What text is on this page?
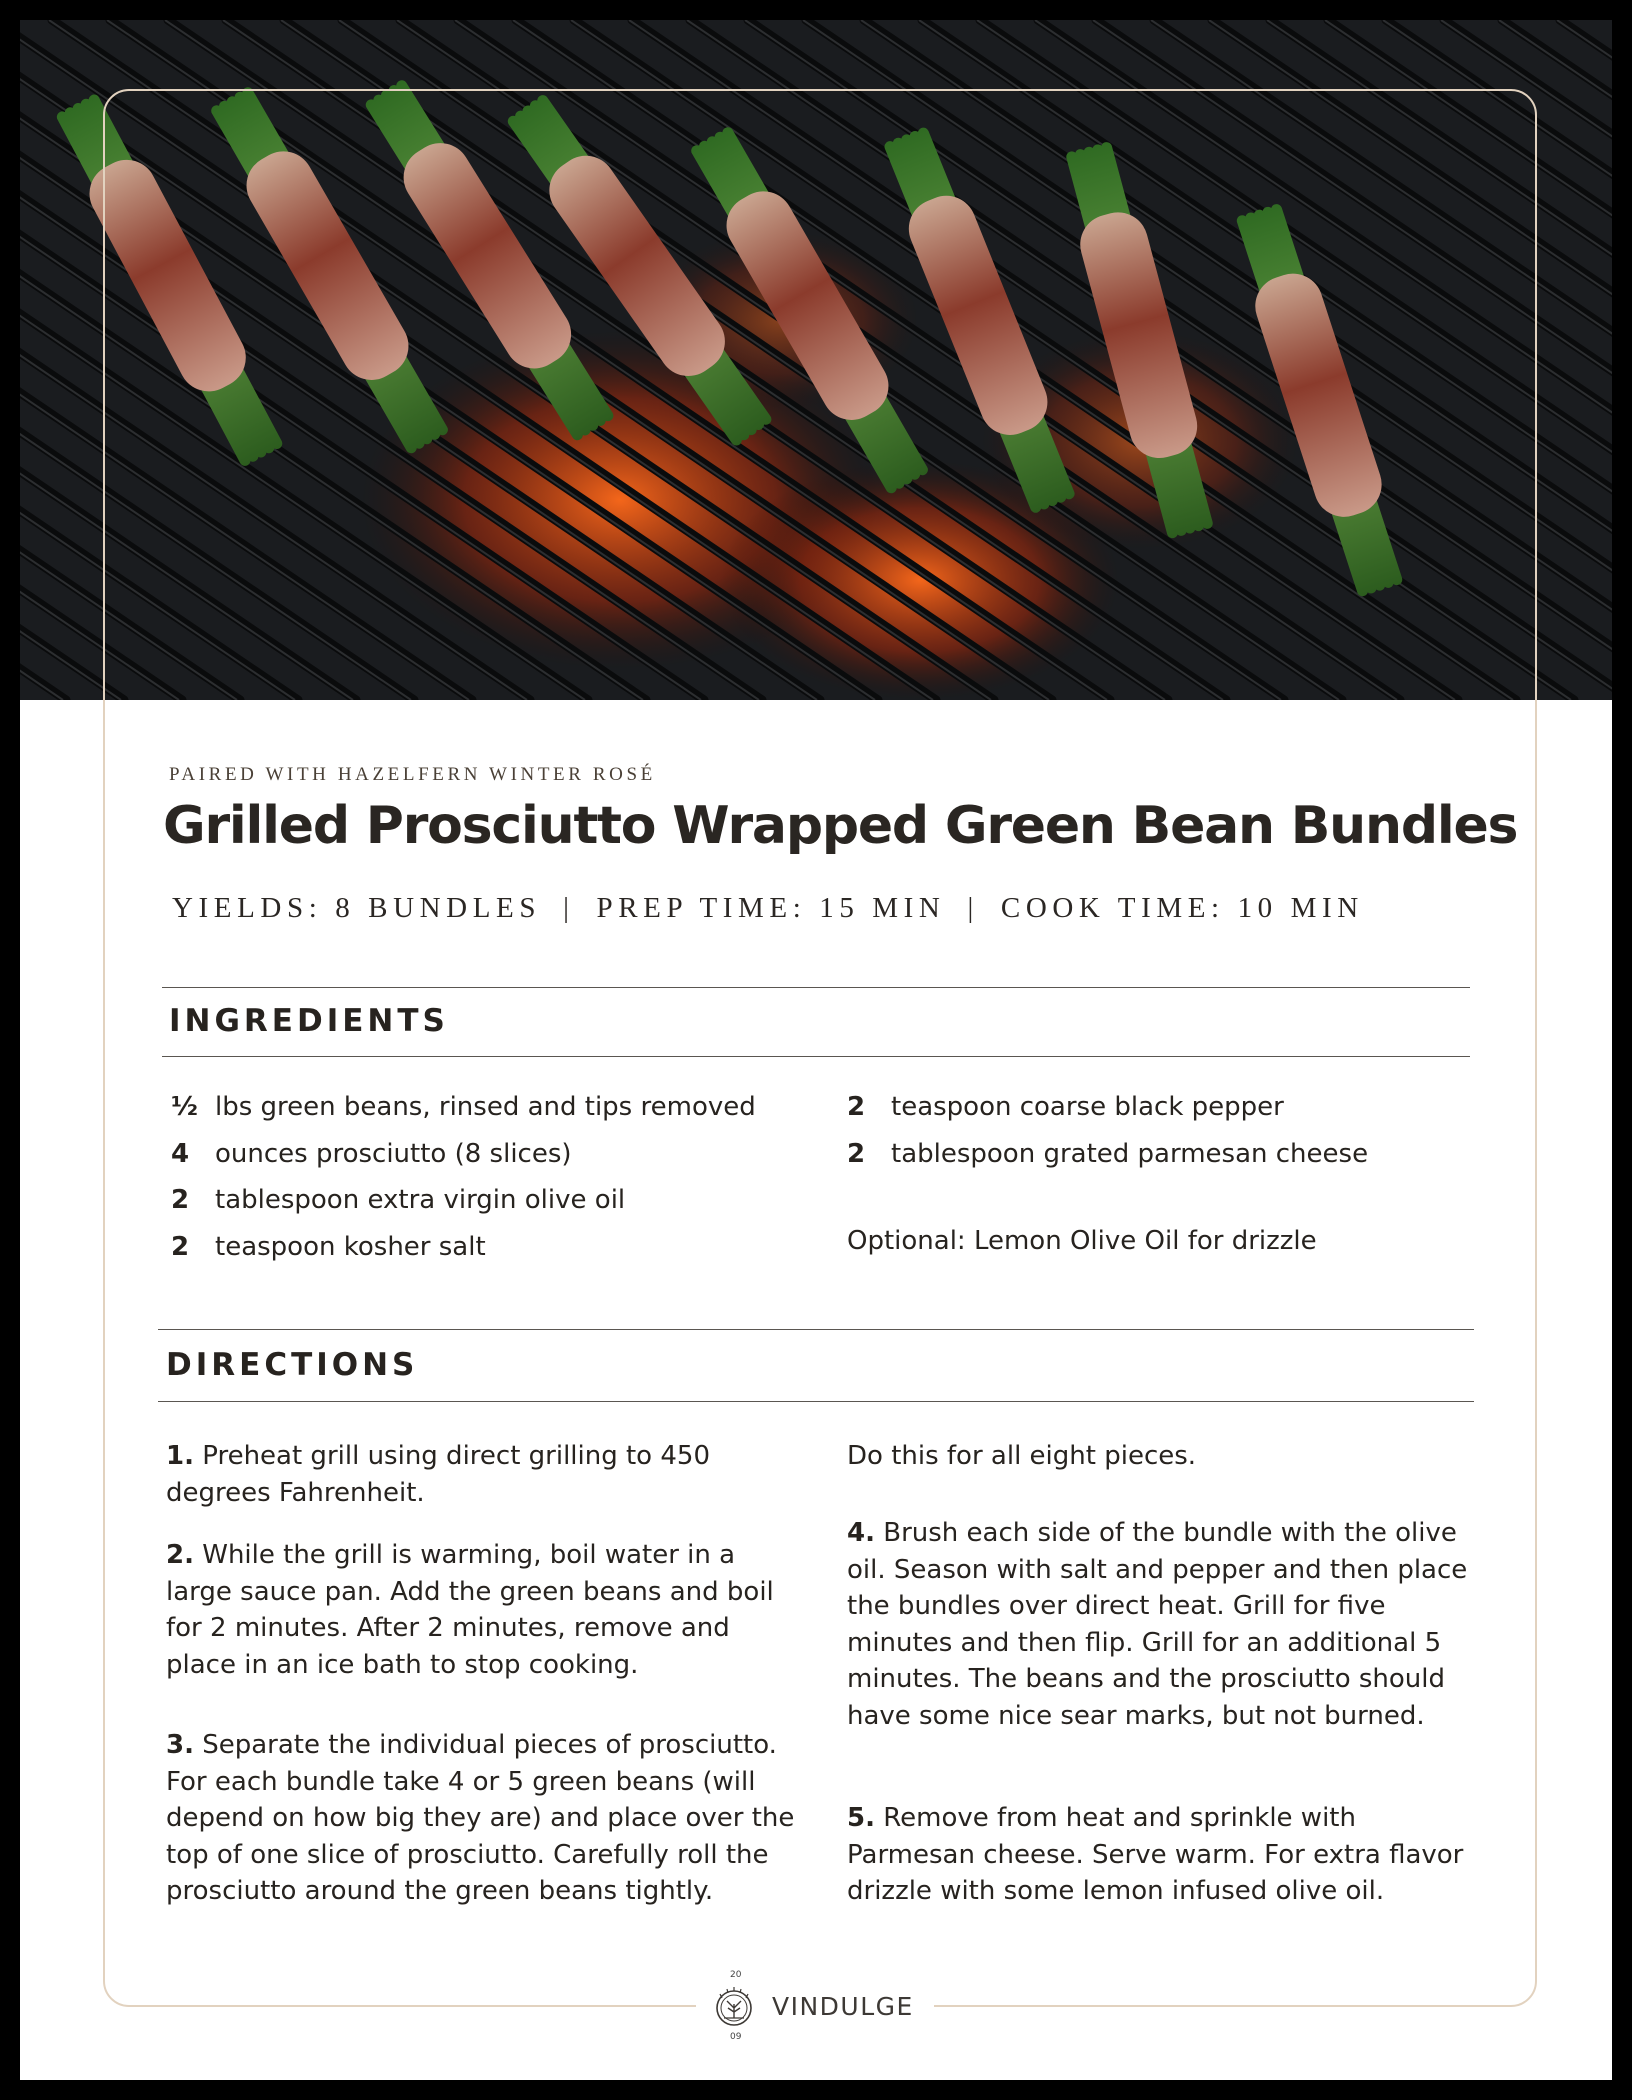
PAIRED WITH HAZELFERN WINTER ROSÉ
Grilled Prosciutto Wrapped Green Bean Bundles
YIELDS: 8 BUNDLES | PREP TIME: 15 MIN | COOK TIME: 10 MIN
INGREDIENTS
½ lbs green beans, rinsed and tips removed
4 ounces prosciutto (8 slices)
2 tablespoon extra virgin olive oil
2 teaspoon kosher salt
2 teaspoon coarse black pepper
2 tablespoon grated parmesan cheese
Optional: Lemon Olive Oil for drizzle
DIRECTIONS

1. Preheat grill using direct grilling to 450 degrees Fahrenheit.

2. While the grill is warming, boil water in a large sauce pan. Add the green beans and boil for 2 minutes. After 2 minutes, remove and place in an ice bath to stop cooking.

3. Separate the individual pieces of prosciutto. For each bundle take 4 or 5 green beans (will depend on how big they are) and place over the top of one slice of prosciutto. Carefully roll the prosciutto around the green beans tightly.

Do this for all eight pieces.

4. Brush each side of the bundle with the olive oil. Season with salt and pepper and then place the bundles over direct heat. Grill for five minutes and then flip. Grill for an additional 5 minutes. The beans and the prosciutto should have some nice sear marks, but not burned.

5. Remove from heat and sprinkle with Parmesan cheese. Serve warm. For extra flavor drizzle with some lemon infused olive oil.

20
09
VINDULGE
